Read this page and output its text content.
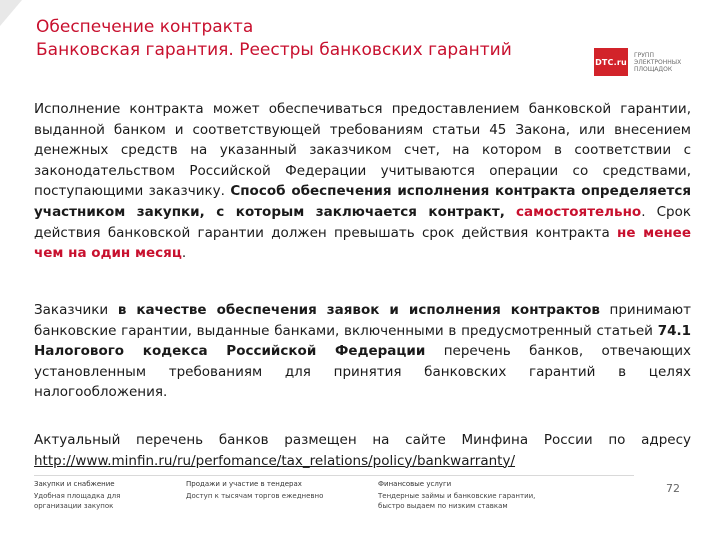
Обеспечение контракта
Банковская гарантия. Реестры банковских гарантий
DTC.ru
ГРУПП
ЭЛЕКТРОННЫХ
ПЛОЩАДОК
Исполнение контракта может обеспечиваться предоставлением банковской гарантии, выданной банком и соответствующей требованиям статьи 45 Закона, или внесением денежных средств на указанный заказчиком счет, на котором в соответствии с законодательством Российской Федерации учитываются операции со средствами, поступающими заказчику. Способ обеспечения исполнения контракта определяется участником закупки, с которым заключается контракт, самостоятельно. Срок действия банковской гарантии должен превышать срок действия контракта не менее чем на один месяц.
Заказчики в качестве обеспечения заявок и исполнения контрактов принимают банковские гарантии, выданные банками, включенными в предусмотренный статьей 74.1 Налогового кодекса Российской Федерации перечень банков, отвечающих установленным требованиям для принятия банковских гарантий в целях налогообложения.
Актуальный перечень банков размещен на сайте Минфина России по адресу http://www.minfin.ru/ru/perfomance/tax_relations/policy/bankwarranty/
Закупки и снабжение
Удобная площадка для
организации закупок
Продажи и участие в тендерах
Доступ к тысячам торгов ежедневно
Финансовые услуги
Тендерные займы и банковские гарантии,
быстро выдаем по низким ставкам
72
